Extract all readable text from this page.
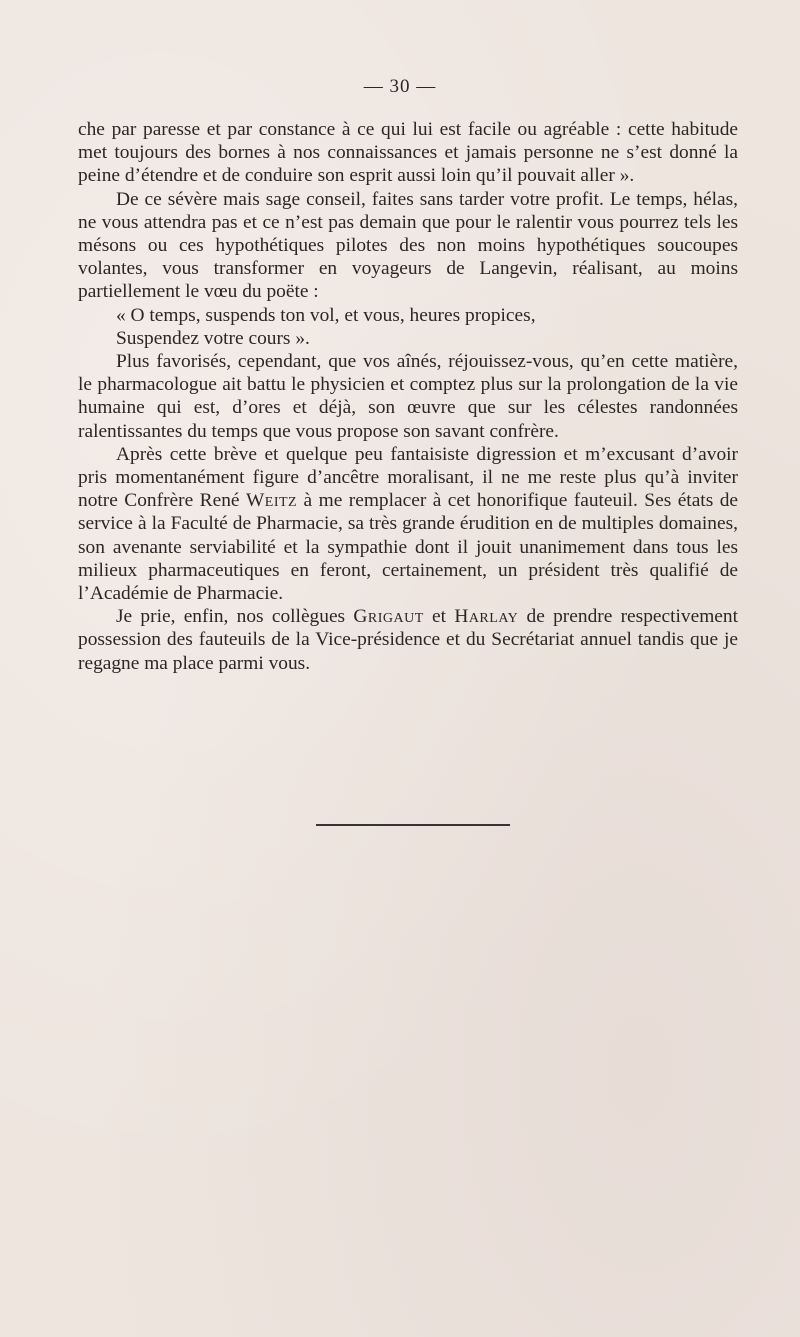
— 30 —

che par paresse et par constance à ce qui lui est facile ou agréable : cette habitude met toujours des bornes à nos connaissances et jamais personne ne s’est donné la peine d’étendre et de conduire son esprit aussi loin qu’il pouvait aller ».

De ce sévère mais sage conseil, faites sans tarder votre profit. Le temps, hélas, ne vous attendra pas et ce n’est pas demain que pour le ralentir vous pourrez tels les mésons ou ces hypothétiques pilotes des non moins hypothétiques soucoupes volantes, vous transformer en voyageurs de Langevin, réalisant, au moins partiellement le vœu du poëte :

« O temps, suspends ton vol, et vous, heures propices,
Suspendez votre cours ».

Plus favorisés, cependant, que vos aînés, réjouissez-vous, qu’en cette matière, le pharmacologue ait battu le physicien et comptez plus sur la prolongation de la vie humaine qui est, d’ores et déjà, son œuvre que sur les célestes randonnées ralentissantes du temps que vous propose son savant confrère.

Après cette brève et quelque peu fantaisiste digression et m’excusant d’avoir pris momentanément figure d’ancêtre moralisant, il ne me reste plus qu’à inviter notre Confrère René Weitz à me remplacer à cet honorifique fauteuil. Ses états de service à la Faculté de Pharmacie, sa très grande érudition en de multiples domaines, son avenante serviabilité et la sympathie dont il jouit unanimement dans tous les milieux pharmaceutiques en feront, certainement, un président très qualifié de l’Académie de Pharmacie.

Je prie, enfin, nos collègues Grigaut et Harlay de prendre respectivement possession des fauteuils de la Vice-présidence et du Secrétariat annuel tandis que je regagne ma place parmi vous.
